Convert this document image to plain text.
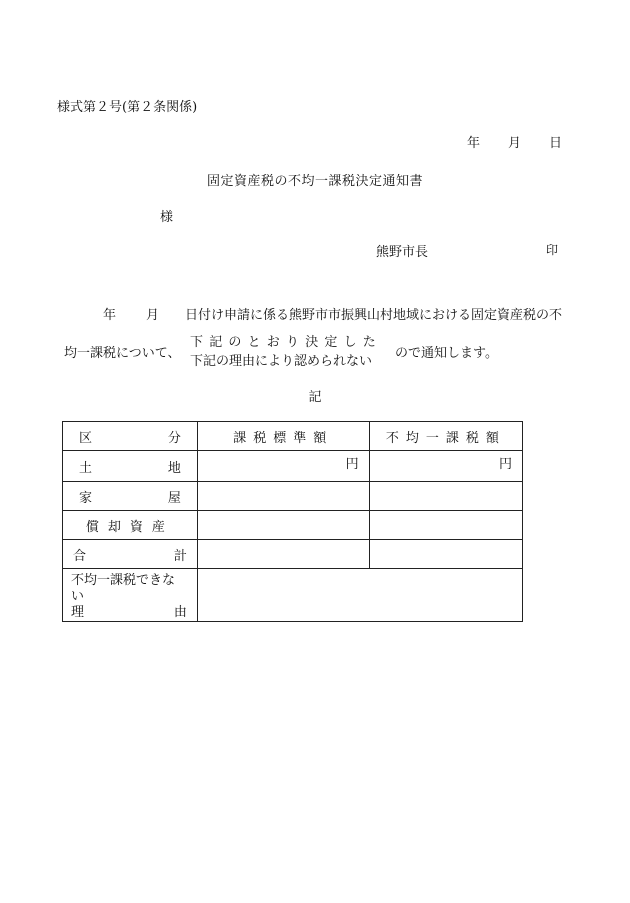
様式第２号(第２条関係)
年 月 日
固定資産税の不均一課税決定通知書
様
熊野市長	印
年 月 日付け申請に係る熊野市市振興山村地域における固定資産税の不
均一課税について、
下記のとおり決定した
下記の理由により認められない
ので通知します。
記
区 分	課税標準額	不均一課税額

土 地	円	円

家 屋		

償却資産		

合 計		

不均一課税できない
理 由		
